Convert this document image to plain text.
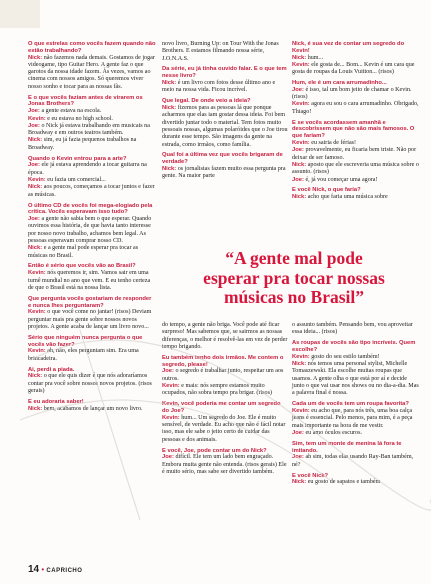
O que estrelas como vocês fazem quando não estão trabalhando?

Nick: não fazemos nada demais. Gostamos de jogar videogame, tipo Guitar Hero. A gente faz o que garotos da nossa idade fazem. Às vezes, vamos ao cinema com nossos amigos. Só queremos viver nosso sonho e tocar para as nossas fãs.

E o que vocês faziam antes de virarem os Jonas Brothers?

Joe: a gente estava na escola.

Kevin: e eu estava no high school.

Joe: o Nick já estava trabalhando em musicais na Broadway e em outros teatros também.

Nick: sim, eu já fazia pequenos trabalhos na Broadway.

Quando o Kevin entrou para a arte?

Joe: ele já estava aprendendo a tocar guitarra na época.

Kevin: eu fazia um comercial...

Nick: aos poucos, começamos a tocar juntos e fazer as músicas.

O último CD de vocês foi mega-elogiado pela crítica. Vocês esperavam isso tudo?

Joe: a gente não sabia bem o que esperar. Quando ouvimos essa história, de que havia tanto interesse por nosso novo trabalho, achamos bem legal. As pessoas esperavam comprar nosso CD.

Nick: e a gente mal pode esperar pra tocar as músicas no Brasil.

Então é sério que vocês vão ao Brasil?

Kevin: nós queremos ir, sim. Vamos sair em uma turnê mundial no ano que vem. E eu tenho certeza de que o Brasil está na nossa lista.

Que pergunta vocês gostariam de responder e nunca lhes perguntaram?

Kevin: o que você come no jantar! (risos) Deviam perguntar mais pra gente sobre nossos novos projetos. A gente acaba de lançar um livro novo...

Sério que ninguém nunca pergunta o que vocês vão fazer?

Kevin: ah, não, eles perguntam sim. Era uma brincadeira.

Ai, perdi a piada.

Nick: o que ele quis dizer é que nós adoraríamos contar pra você sobre nossos novos projetos. (risos gerais)

E eu adoraria saber!

Nick: bem, acabamos de lançar um novo livro.

novo livro, Burning Up: on Tour With the Jonas Brothers. E estamos filmando nossa série, J.O.N.A.S.

Da série, eu já tinha ouvido falar. E o que tem nesse livro?

Nick: é um livro com fotos desse último ano e meio na nossa vida. Ficou incrível.

Que legal. De onde veio a ideia?

Nick: fizemos para as pessoas lá que ponque acharmos que elas iam gostar dessa ideia. Foi bem divertido juntar todo o material. Tem fotos muito pessoais nossas, algumas polaróides que o Joe tirou durante esse tempo. São imagens da gente na estrada, como irmãos, como família.

Qual foi a última vez que vocês brigaram de verdade?

Nick: os jornalistas fazem muito essa pergunta pra gente. Na maior parte

Nick, é sua vez de contar um segredo do Kevin!

Nick: hum...

Kevin: ele gosta de... Bom... Kevin é um cara que gosta de roupas da Louis Vuitton... (risos)

Hum, ele é um cara arrumadinho...

Joe: é isso, tal um bom jeito de chamar o Kevin. (risos)

Kevin: agora eu sou o cara arrumadinho. Obrigado, Thiago!

E se vocês acordassem amanhã e descobrissem que não são mais famosos. O que fariam?

Kevin: eu sairia de férias!

Joe: provavelmente, eu ficaria bem triste. Não por deixar de ser famoso.

Nick: aposto que ele escreveria uma música sobre o assunto. (risos)

Joe: é, já vou começar uma agora!

E você Nick, o que faria?

Nick: acho que faria uma música sobre

“A gente mal pode
esperar pra tocar nossas
músicas no Brasil”

do tempo, a gente não briga. Você pode até ficar surpreso! Mas sabemos que, se sairmos as nossas diferenças, o melhor é resolvê-las em vez de perder tempo brigando.

Eu também tenho dois irmãos. Me contem o segredo, please!

Joe: o segredo é trabalhar junto, respeitar um aos outros.

Kevin: e mais: nós sempre estamos muito ocupados, não sobra tempo pra brigar. (risos)

Kevin, você poderia me contar um segredo do Joe?

Kevin: hum... Um segredo do Joe. Ele é muito sensível, de verdade. Eu acho que não é fácil notar isso, mas ele sabe o jeito certo de cuidar das pessoas e dos animais.

E você, Joe, pode contar um do Nick?

Joe: difícil. Ele tem um lado bem engraçado. Embora muita gente não entenda. (risos gerais) Ele é muito sério, mas sabe ser divertido também.

o assunto também. Pensando bem, vou aproveitar essa ideia... (risos)

As roupas de vocês são tipo incríveis. Quem escolhe?

Kevin: gosto do seu estilo também!

Nick: nós temos uma personal stylist, Michelle Tomaszewski. Ela escolhe muitas roupas que usamos. A gente olha o que está por aí e decide junto o que vai usar nos shows ou no dia-a-dia. Mas a palavra final é nossa.

Cada um de vocês tem um roupa favorita?

Kevin: eu acho que, para nós três, uma boa calça jeans é essencial. Pelo menos, para mim, é a peça mais importante na hora de me vestir.

Joe: eu amo óculos escuros.

Sim, tem um monte de menina lá fora te imitando.

Joe: ah sim, todas elas usando Ray-Ban também, né?

E você Nick?

Nick: eu gosto de sapatos e também

14 • CAPRICHO
